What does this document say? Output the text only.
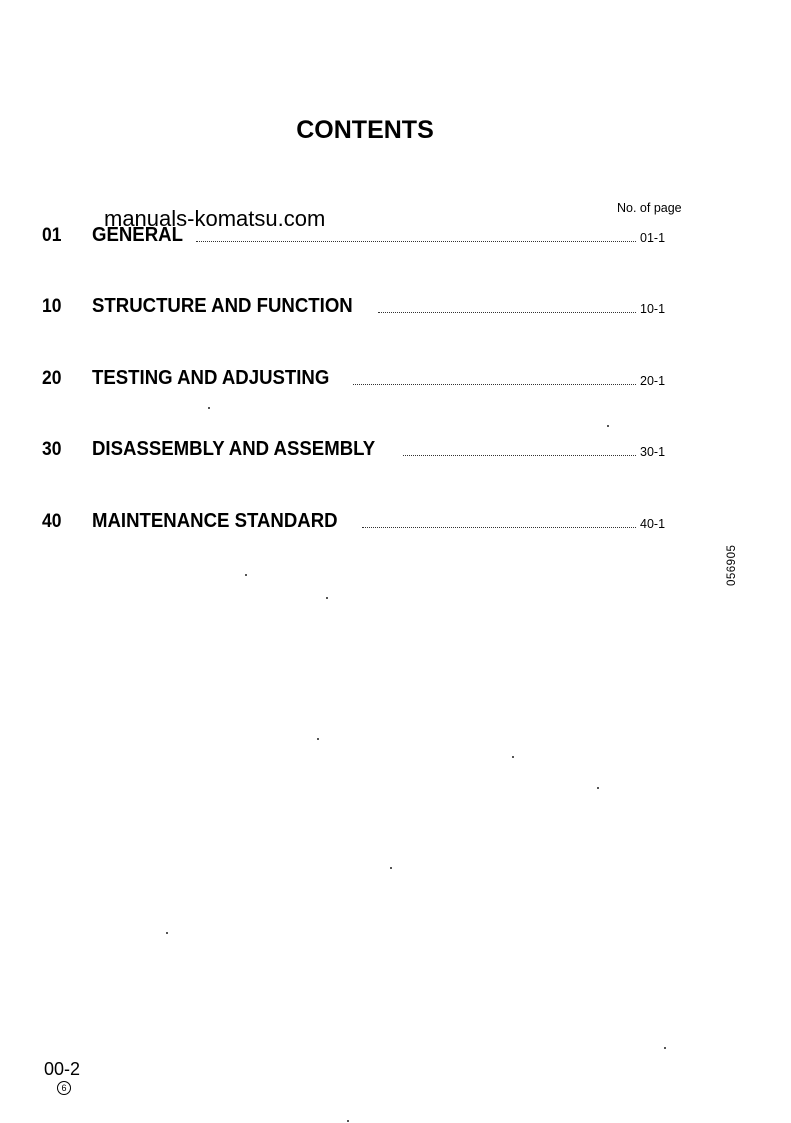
CONTENTS
No. of page
01	GENERAL	01-1
manuals-komatsu.com
10	STRUCTURE AND FUNCTION	10-1
20	TESTING AND ADJUSTING	20-1
30	DISASSEMBLY AND ASSEMBLY	30-1
40	MAINTENANCE STANDARD	40-1
056905
00-2
6
